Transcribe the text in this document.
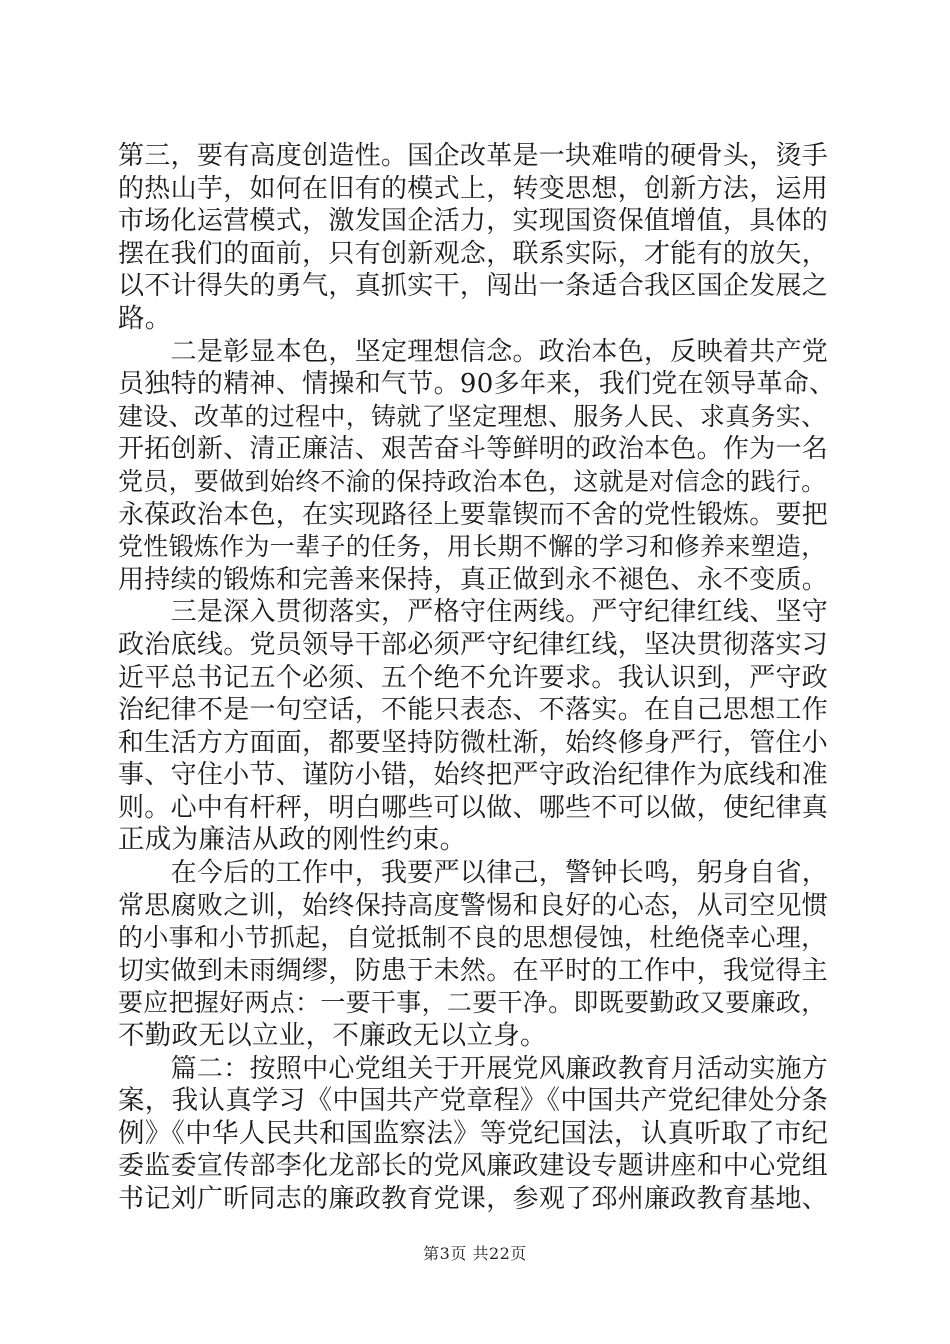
第三，要有高度创造性。国企改革是一块难啃的硬骨头，烫手
的热山芋，如何在旧有的模式上，转变思想，创新方法，运用
市场化运营模式，激发国企活力，实现国资保值增值，具体的
摆在我们的面前，只有创新观念，联系实际，才能有的放矢，
以不计得失的勇气，真抓实干，闯出一条适合我区国企发展之
路。
　　二是彰显本色，坚定理想信念。政治本色，反映着共产党
员独特的精神、情操和气节。90多年来，我们党在领导革命、
建设、改革的过程中，铸就了坚定理想、服务人民、求真务实、
开拓创新、清正廉洁、艰苦奋斗等鲜明的政治本色。作为一名
党员，要做到始终不渝的保持政治本色，这就是对信念的践行。
永葆政治本色，在实现路径上要靠锲而不舍的党性锻炼。要把
党性锻炼作为一辈子的任务，用长期不懈的学习和修养来塑造，
用持续的锻炼和完善来保持，真正做到永不褪色、永不变质。
　　三是深入贯彻落实，严格守住两线。严守纪律红线、坚守
政治底线。党员领导干部必须严守纪律红线，坚决贯彻落实习
近平总书记五个必须、五个绝不允许要求。我认识到，严守政
治纪律不是一句空话，不能只表态、不落实。在自己思想工作
和生活方方面面，都要坚持防微杜渐，始终修身严行，管住小
事、守住小节、谨防小错，始终把严守政治纪律作为底线和准
则。心中有杆秤，明白哪些可以做、哪些不可以做，使纪律真
正成为廉洁从政的刚性约束。
　　在今后的工作中，我要严以律己，警钟长鸣，躬身自省，
常思腐败之训，始终保持高度警惕和良好的心态，从司空见惯
的小事和小节抓起，自觉抵制不良的思想侵蚀，杜绝侥幸心理，
切实做到未雨绸缪，防患于未然。在平时的工作中，我觉得主
要应把握好两点：一要干事，二要干净。即既要勤政又要廉政，
不勤政无以立业，不廉政无以立身。
　　篇二：按照中心党组关于开展党风廉政教育月活动实施方
案，我认真学习《中国共产党章程》《中国共产党纪律处分条
例》《中华人民共和国监察法》等党纪国法，认真听取了市纪
委监委宣传部李化龙部长的党风廉政建设专题讲座和中心党组
书记刘广昕同志的廉政教育党课，参观了邳州廉政教育基地、
第3页 共22页
